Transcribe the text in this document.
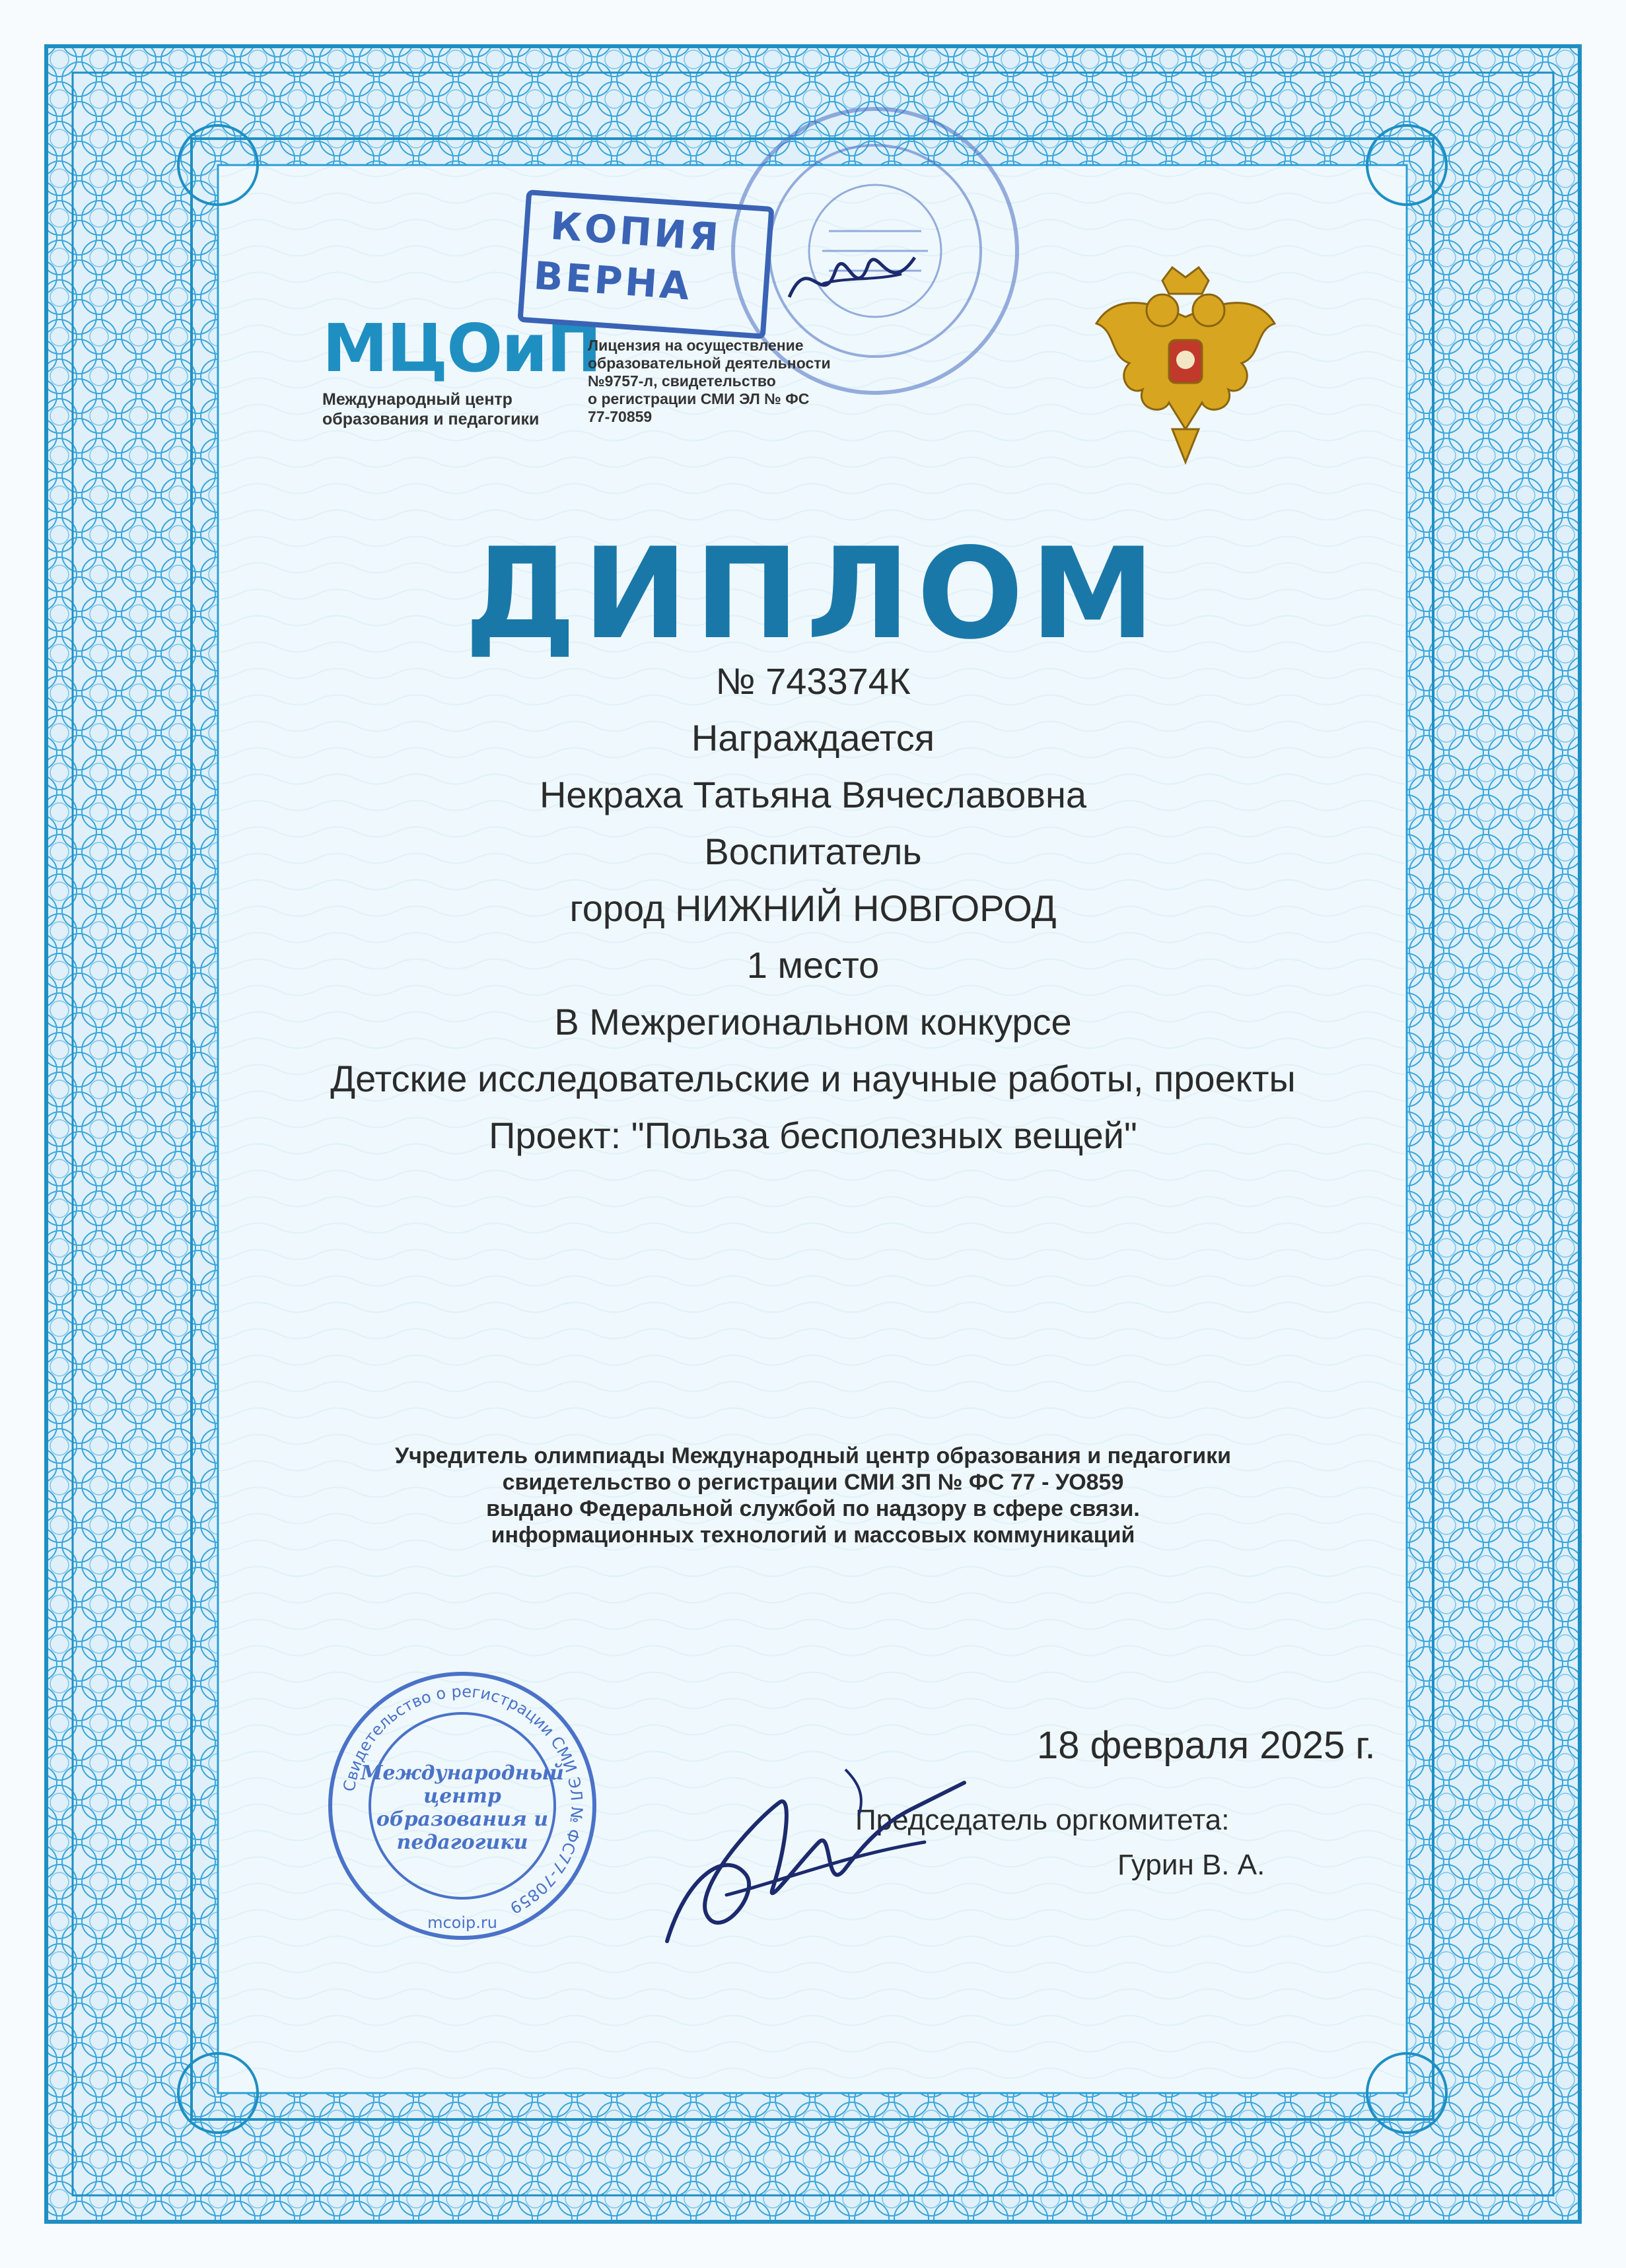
МЦОиП
Международный центр
образования и педагогики
Лицензия на осуществление
образовательной деятельности
№9757-л, свидетельство
о регистрации СМИ ЭЛ № ФС
77-70859
КОПИЯ
ВЕРНА
ДИПЛОМ
№ 743374К
Награждается
Некраха Татьяна Вячеславовна
Воспитатель
город НИЖНИЙ НОВГОРОД
1 место
В Межрегиональном конкурсе
Детские исследовательские и научные работы, проекты
Проект: "Польза бесполезных вещей"
Учредитель олимпиады Международный центр образования и педагогики
свидетельство о регистрации СМИ ЗП № ФС 77 - УО859
выдано Федеральной службой по надзору в сфере связи.
информационных технологий и массовых коммуникаций
Свидетельство о регистрации СМИ ЭЛ № ФС77-70859
Международный
центр
образования и
педагогики
mcoip.ru
18 февраля 2025 г.
Председатель оргкомитета:
Гурин В. А.
